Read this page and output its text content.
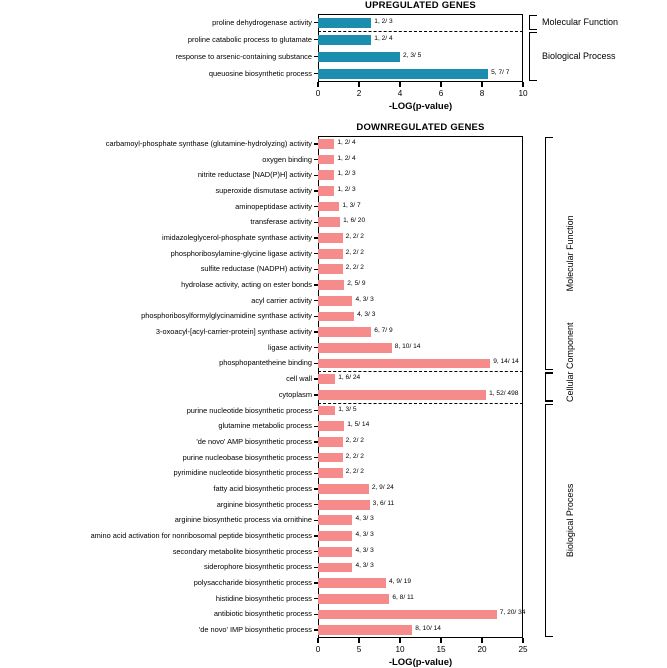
UPREGULATED GENES
1, 2/ 3
proline dehydrogenase activity
1, 2/ 4
proline catabolic process to glutamate
2, 3/ 5
response to arsenic-containing substance
5, 7/ 7
queuosine biosynthetic process
0	2	4	6	8	10
-LOG(p-value)
Molecular Function
Biological Process
DOWNREGULATED GENES
1, 2/ 4
carbamoyl-phosphate synthase (glutamine-hydrolyzing) activity
1, 2/ 4
oxygen binding
1, 2/ 3
nitrite reductase [NAD(P)H] activity
1, 2/ 3
superoxide dismutase activity
1, 3/ 7
aminopeptidase activity
1, 6/ 20
transferase activity
2, 2/ 2
imidazoleglycerol-phosphate synthase activity
2, 2/ 2
phosphoribosylamine-glycine ligase activity
2, 2/ 2
sulfite reductase (NADPH) activity
2, 5/ 9
hydrolase activity, acting on ester bonds
4, 3/ 3
acyl carrier activity
4, 3/ 3
phosphoribosylformylglycinamidine synthase activity
6, 7/ 9
3-oxoacyl-[acyl-carrier-protein] synthase activity
8, 10/ 14
ligase activity
9, 14/ 14
phosphopantetheine binding
1, 6/ 24
cell wall
1, 52/ 498
cytoplasm
1, 3/ 5
purine nucleotide biosynthetic process
1, 5/ 14
glutamine metabolic process
2, 2/ 2
'de novo' AMP biosynthetic process
2, 2/ 2
purine nucleobase biosynthetic process
2, 2/ 2
pyrimidine nucleotide biosynthetic process
2, 9/ 24
fatty acid biosynthetic process
3, 6/ 11
arginine biosynthetic process
4, 3/ 3
arginine biosynthetic process via ornithine
4, 3/ 3
amino acid activation for nonribosomal peptide biosynthetic process
4, 3/ 3
secondary metabolite biosynthetic process
4, 3/ 3
siderophore biosynthetic process
4, 9/ 19
polysaccharide biosynthetic process
6, 8/ 11
histidine biosynthetic process
7, 20/ 34
antibiotic biosynthetic process
8, 10/ 14
'de novo' IMP biosynthetic process
0	5	10	15	20	25
-LOG(p-value)
Molecular Function
Cellular Component
Biological Process
